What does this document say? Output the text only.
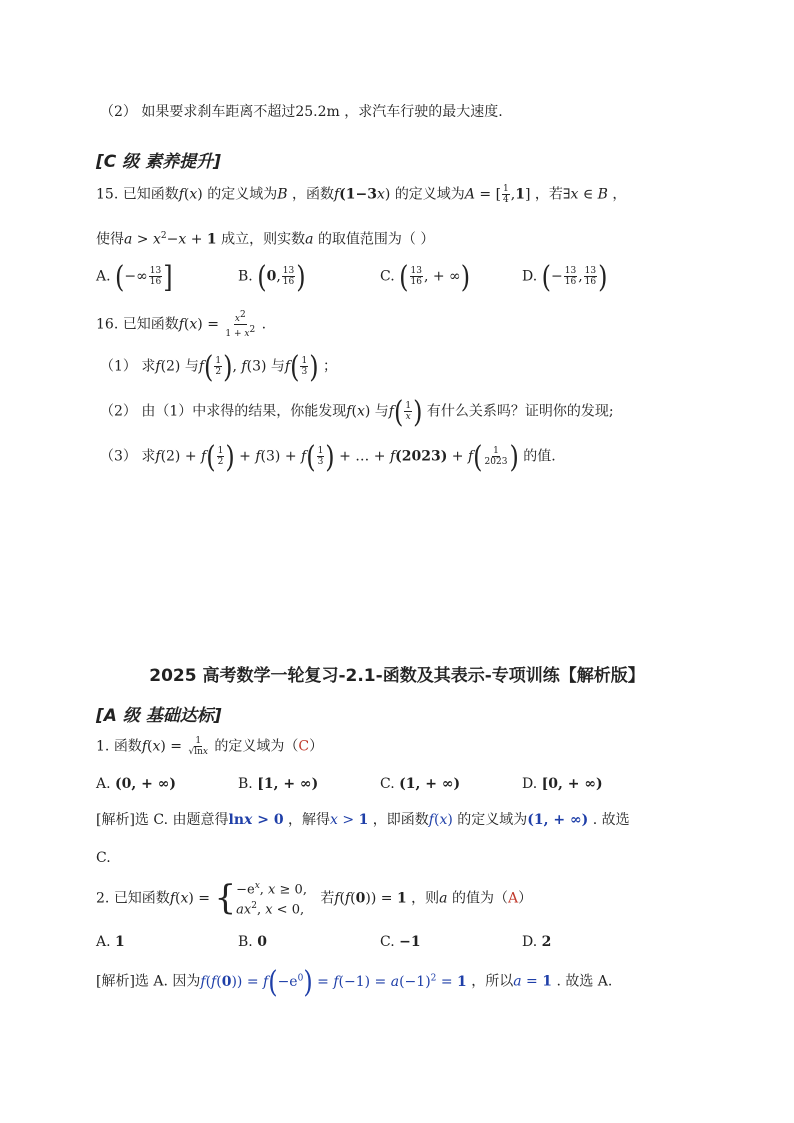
（2） 如果要求刹车距离不超过25.2m ，求汽车行驶的最大速度.
[C 级 素养提升]
15. 已知函数f(x) 的定义域为B ，函数f(1−3x) 的定义域为A = [ $\frac{1}{4} ,1$] ，若∃x ∈ B ，
使得$a > x^2-x + 1$ 成立，则实数a 的取值范围为（ ）
A. (−∞ $\frac{13}{16}$ ]	B. (0, $\frac{13}{16}$ )	C. ( $\frac{13}{16}$ , + ∞)	D. (− $\frac{13}{16}$ , $\frac{13}{16}$ )
16. 已知函数$f(x) = \frac{x^2}{1 + x^2}$ .
（1） 求f(2) 与$f( \frac{1}{2}$ ), f(3) 与$f( \frac{1}{3}$ ) ；
（2） 由（1）中求得的结果，你能发现f(x) 与$f( \frac{1}{x}$ ) 有什么关系吗？证明你的发现;
（3） 求$f(2) + f( \frac{1}{2}$ ) + $f(3) + f( \frac{1}{3}$ ) + … + $f(2023) + f( \frac{1}{2023}$ ) 的值.
2025 高考数学一轮复习-2.1-函数及其表示-专项训练【解析版】
[A 级 基础达标]
1. 函数$f(x) = \frac{1}{√\ln x}$ 的定义域为（C）
A. (0, + ∞)	B. [1, + ∞)	C. (1, + ∞)	D. [0, + ∞)
[解析]选 C. 由题意得lnx > 0 ，解得x > 1 ，即函数f(x) 的定义域为(1, + ∞) . 故选
C.
2. 已知函数f(x) = { $-e^x$, x ≥ 0,
$ax^2$, x < 0,
若f(f(0)) = 1 ，则a 的值为（A）
A. 1	B. 0	C. −1	D. 2
[解析]选 A. 因为$f(f(0)) = f(-e^0) = f(-1) = a(-1)^2 = 1$ ，所以a = 1 . 故选 A.
